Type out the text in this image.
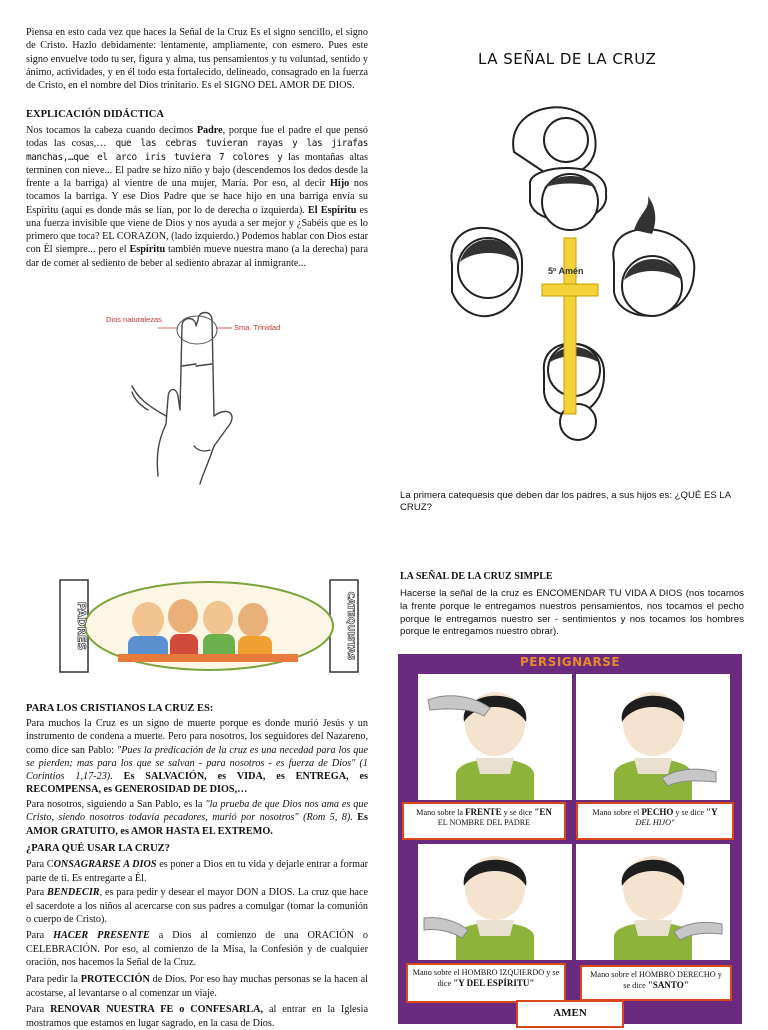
Piensa en esto cada vez que haces la Señal de la Cruz Es el signo sencillo, el signo de Cristo. Hazlo debidamente: lentamente, ampliamente, con esmero. Pues este signo envuelve todo tu ser, figura y alma, tus pensamientos y tu voluntad, sentido y ánimo, actividades, y en él todo esta fortalecido, delineado, consagrado en la fuerza de Cristo, en el nombre del Dios trinitario. Es el SIGNO DEL AMOR DE DIOS.
EXPLICACIÓN DIDÁCTICA
Nos tocamos la cabeza cuando decimos Padre, porque fue el padre el que pensó todas las cosas,… que las cebras tuvieran rayas y las jirafas manchas,…que el arco iris tuviera 7 colores y las montañas altas terminen con nieve... El padre se hizo niño y bajo (descendemos los dedos desde la frente a la barriga) al vientre de una mujer, María. Por eso, al decir Hijo nos tocamos la barriga. Y ese Dios Padre que se hace hijo en una barriga envía su Espíritu (aquí es donde más se lían, por lo de derecha o izquierda). El Espíritu es una fuerza invisible que viene de Dios y nos ayuda a ser mejor y ¿Sabéis que es lo primero que toca? EL CORAZON, (lado izquierdo.) Podemos hablar con Dios estar con Él siempre... pero el Espíritu también mueve nuestra mano (a la derecha) para dar de comer al sediento de beber al sediento abrazar al inmigrante...
Dios naturalezas
Sma. Trinidad
PADRES	CATEQUISTAS
PARA LOS CRISTIANOS LA CRUZ ES:
Para muchos la Cruz es un signo de muerte porque es donde murió Jesús y un instrumento de condena a muerte. Pero para nosotros, los seguidores del Nazareno, como dice san Pablo: "Pues la predicación de la cruz es una necedad para los que se pierden; mas para los que se salvan - para nosotros - es fuerza de Dios" (1 Corintios 1,17-23). Es SALVACIÓN, es VIDA, es ENTREGA, es RECOMPENSA, es GENEROSIDAD DE DIOS,…
Para nosotros, siguiendo a San Pablo, es la "la prueba de que Dios nos ama es que Cristo, siendo nosotros todavía pecadores, murió por nosotros" (Rom 5, 8). Es AMOR GRATUITO, es AMOR HASTA EL EXTREMO.
¿PARA QUÉ USAR LA CRUZ?
Para CONSAGRARSE A DIOS es poner a Dios en tu vida y dejarle entrar a formar parte de ti. Es entregarte a Él.
Para BENDECIR, es para pedir y desear el mayor DON a DIOS. La cruz que hace el sacerdote a los niños al acercarse con sus padres a comulgar (tomar la comunión o cuerpo de Cristo).
Para HACER PRESENTE a Dios al comienzo de una ORACIÓN o CELEBRACIÓN. Por eso, al comienzo de la Misa, la Confesión y de cualquier oración, nos hacemos la Señal de la Cruz.
Para pedir la PROTECCIÓN de Dios. Por eso hay muchas personas se la hacen al acostarse, al levantarse o al comenzar un viaje.
Para RENOVAR NUESTRA FE o CONFESARLA, al entrar en la Iglesia mostramos que estamos en lugar sagrado, en la casa de Dios.
LA SEÑAL DE LA CRUZ
5º Amén
La primera catequesis que deben dar los padres, a sus hijos es: ¿QUÉ ES LA CRUZ?
LA SEÑAL DE LA CRUZ SIMPLE
Hacerse la señal de la cruz es ENCOMENDAR TU VIDA A DIOS (nos tocamos la frente porque le entregamos nuestros pensamientos, nos tocamos el pecho porque le entregamos nuestro ser - sentimientos y nos tocamos los hombres porque le entregamos nuestro obrar).
PERSIGNARSE
Mano sobre la FRENTE y se dice "EN
EL NOMBRE DEL PADRE
Mano sobre el PECHO y se dice "Y
DEL HIJO"
Mano sobre el HOMBRO IZQUIERDO y se dice "Y DEL ESPÍRITU"
Mano sobre el HOMBRO DERECHO y se dice "SANTO"
AMEN
